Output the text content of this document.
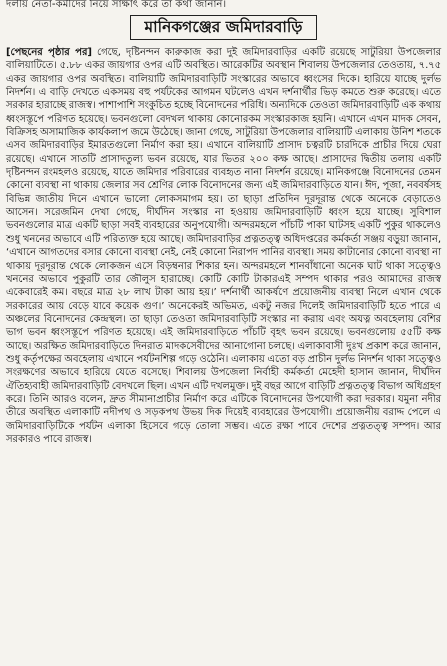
দলীয় নেতা-কর্মীদের নিয়ে সাক্ষাৎ করে তা কথা জানান।
মানিকগঞ্জের জমিদারবাড়ি
[পেছনের পৃষ্ঠার পর] গেছে, দৃষ্টিনন্দন কারুকাজ করা দুই জমিদারবাড়ির একটি রয়েছে সাটুরিয়া উপজেলার বালিয়াটিতে। ৫.৮৮ একর জায়গার ওপর এটি অবস্থিত। আরেকটির অবস্থান শিবালয় উপজেলার তেওতায়, ৭.৭৫ একর জায়গার ওপর অবস্থিত। বালিয়াটি জমিদারবাড়িটি সংস্কারের অভাবে ধ্বংসের দিকে। হারিয়ে যাচ্ছে দুর্লভ নিদর্শন। এ বাড়ি দেখতে একসময় বহু পর্যটকের আগমন ঘটলেও এখন দর্শনার্থীর ভিড় কমতে শুরু করেছে। এতে সরকার হারাচ্ছে রাজস্ব। পাশাপাশি সংকুচিত হচ্ছে বিনোদনের পরিধি। অন্যদিকে তেওতা জমিদারবাড়িটি এক কথায় ধ্বংসস্তূপে পরিণত হয়েছে। ভবনগুলো বেদখল থাকায় কোনোরকম সংস্কারকাজ হয়নি। এখানে এখন মাদক সেবন, বিক্রিসহ অসামাজিক কার্যকলাপ জমে উঠেছে। জানা গেছে, সাটুরিয়া উপজেলার বালিয়াটি এলাকায় উনিশ শতকে এসব জমিদারবাড়ির ইমারতগুলো নির্মাণ করা হয়। এখানে বালিয়াটি প্রাসাদ চত্বরটি চারদিকে প্রাচীর দিয়ে ঘেরা রয়েছে। এখানে সাতটি প্রাসাদতুল্য ভবন রয়েছে, যার ভিতর ২০০ কক্ষ আছে। প্রাসাদের দ্বিতীয় তলায় একটি দৃষ্টিনন্দন রংমহলও রয়েছে, যাতে জমিদার পরিবারের ব্যবহৃত নানা নিদর্শন রয়েছে। মানিকগঞ্জে বিনোদনের তেমন কোনো ব্যবস্থা না থাকায় জেলার সব শ্রেণির লোক বিনোদনের জন্য এই জমিদারবাড়িতে যান। ঈদ, পূজা, নববর্ষসহ বিভিন্ন জাতীয় দিনে এখানে ভালো লোকসমাগম হয়। তা ছাড়া প্রতিদিন দূরদূরান্ত থেকে অনেকে বেড়াতেও আসেন। সরেজমিন দেখা গেছে, দীর্ঘদিন সংস্কার না হওয়ায় জমিদারবাড়িটি ধ্বংস হয়ে যাচ্ছে। সুবিশাল ভবনগুলোর মাত্র একটি ছাড়া সবই ব্যবহারের অনুপযোগী। অন্দরমহলে পাঁচটি পাকা ঘাটসহ একটি পুকুর থাকলেও শুধু খননের অভাবে এটি পরিত্যক্ত হয়ে আছে। জমিদারবাড়ির প্রত্নতত্ত্ব অধিদপ্তরের কর্মকর্তা সঞ্জয় বড়ুয়া জানান, ‘এখানে আগতদের বসার কোনো ব্যবস্থা নেই, নেই কোনো নিরাপদ পানির ব্যবস্থা। সময় কাটানোর কোনো ব্যবস্থা না থাকায় দূরদূরান্ত থেকে লোকজন এসে বিড়ম্বনার শিকার হন। অন্দরমহলে শানবাঁধানো অনেক ঘাট থাকা সত্ত্বেও খননের অভাবে পুকুরটি তার জৌলুস হারাচ্ছে। কোটি কোটি টাকারএই সম্পদ থাকার পরও আমাদের রাজস্ব একেবারেই কম। বছরে মাত্র ২৮ লাখ টাকা আয় হয়।’ দর্শনার্থী আকর্ষণে প্রয়োজনীয় ব্যবস্থা নিলে এখান থেকে সরকারের আয় বেড়ে যাবে কয়েক গুণ।’ অনেকেরই অভিমত, একটু নজর দিলেই জমিদারবাড়িটি হতে পারে এ অঞ্চলের বিনোদনের কেন্দ্রস্থল। তা ছাড়া তেওতা জমিদারবাড়িটি সংস্কার না করায় এবং অযত্ন অবহেলায় বেশির ভাগ ভবন ধ্বংসস্তূপে পরিণত হয়েছে। এই জমিদারবাড়িতে পাঁচটি বৃহৎ ভবন রয়েছে। ভবনগুলোয় ৫৫টি কক্ষ আছে। অরক্ষিত জমিদারবাড়িতে দিনরাত মাদকসেবীদের আনাগোনা চলছে। এলাকাবাসী দুঃখ প্রকাশ করে জানান, শুধু কর্তৃপক্ষের অবহেলায় এখানে পর্যটনশিল্প গড়ে ওঠেনি। এলাকায় এতো বড় প্রাচীন দুর্লভ নিদর্শন থাকা সত্ত্বেও সংরক্ষণের অভাবে হারিয়ে যেতে বসেছে। শিবালয় উপজেলা নির্বাহী কর্মকর্তা মেহেদী হাসান জানান, দীর্ঘদিন ঐতিহ্যবাহী জমিদারবাড়িটি বেদখলে ছিল। এখন এটি দখলমুক্ত। দুই বছর আগে বাড়িটি প্রত্নতত্ত্ব বিভাগ অধিগ্রহণ করে। তিনি আরও বলেন, দ্রুত সীমানাপ্রাচীর নির্মাণ করে এটিকে বিনোদনের উপযোগী করা দরকার। যমুনা নদীর তীরে অবস্থিত এলাকাটি নদীপথ ও সড়কপথ উভয় দিক দিয়েই ব্যবহারের উপযোগী। প্রয়োজনীয় বরাদ্দ পেলে এ জমিদারবাড়িটিকে পর্যটন এলাকা হিসেবে গড়ে তোলা সম্ভব। এতে রক্ষা পাবে দেশের প্রত্নতত্ত্ব সম্পদ। আর সরকারও পাবে রাজস্ব।
